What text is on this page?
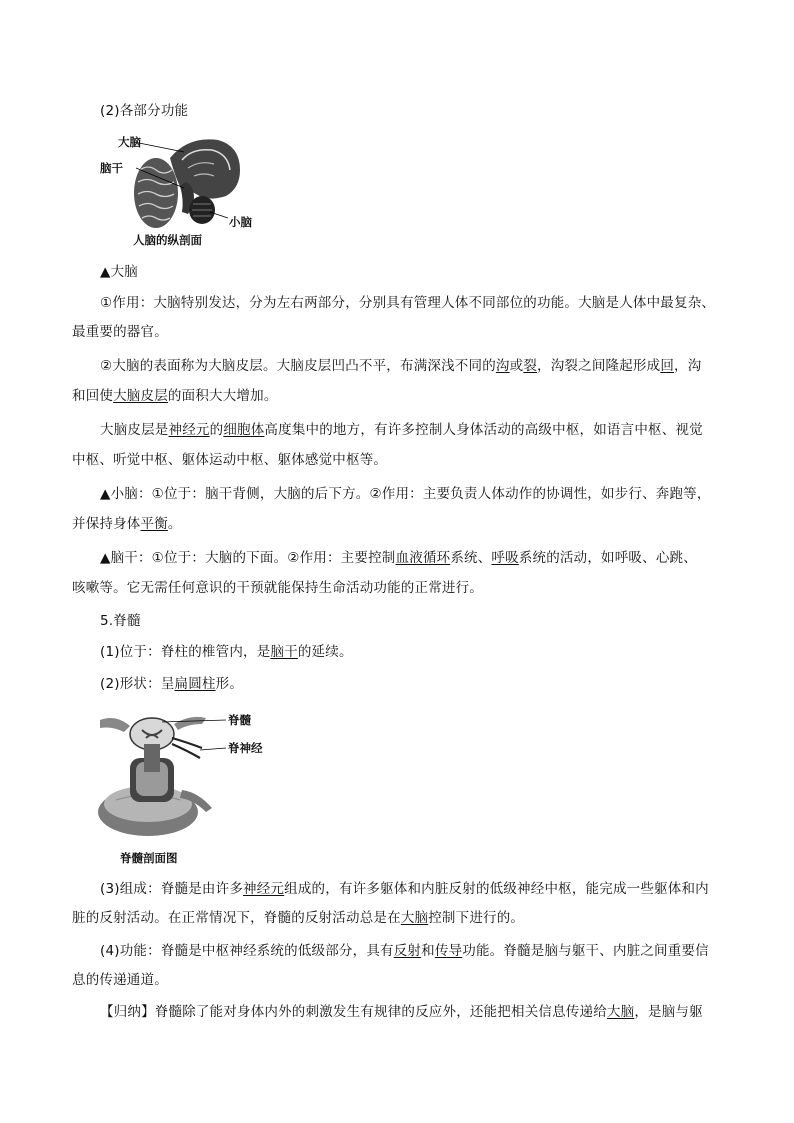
(2)各部分功能
大脑
脑干
小脑
人脑的纵剖面
▲大脑
①作用：大脑特别发达，分为左右两部分，分别具有管理人体不同部位的功能。大脑是人体中最复杂、
最重要的器官。
②大脑的表面称为大脑皮层。大脑皮层凹凸不平，布满深浅不同的沟或裂，沟裂之间隆起形成回，沟
和回使大脑皮层的面积大大增加。
大脑皮层是神经元的细胞体高度集中的地方，有许多控制人身体活动的高级中枢，如语言中枢、视觉
中枢、听觉中枢、躯体运动中枢、躯体感觉中枢等。
▲小脑：①位于：脑干背侧，大脑的后下方。②作用：主要负责人体动作的协调性，如步行、奔跑等，
并保持身体平衡。
▲脑干：①位于：大脑的下面。②作用：主要控制血液循环系统、呼吸系统的活动，如呼吸、心跳、
咳嗽等。它无需任何意识的干预就能保持生命活动功能的正常进行。
5.脊髓
(1)位于：脊柱的椎管内，是脑干的延续。
(2)形状：呈扁圆柱形。
脊髓
脊神经
脊髓剖面图
(3)组成：脊髓是由许多神经元组成的，有许多躯体和内脏反射的低级神经中枢，能完成一些躯体和内
脏的反射活动。在正常情况下，脊髓的反射活动总是在大脑控制下进行的。
(4)功能：脊髓是中枢神经系统的低级部分，具有反射和传导功能。脊髓是脑与躯干、内脏之间重要信
息的传递通道。
【归纳】脊髓除了能对身体内外的刺激发生有规律的反应外，还能把相关信息传递给大脑，是脑与躯
